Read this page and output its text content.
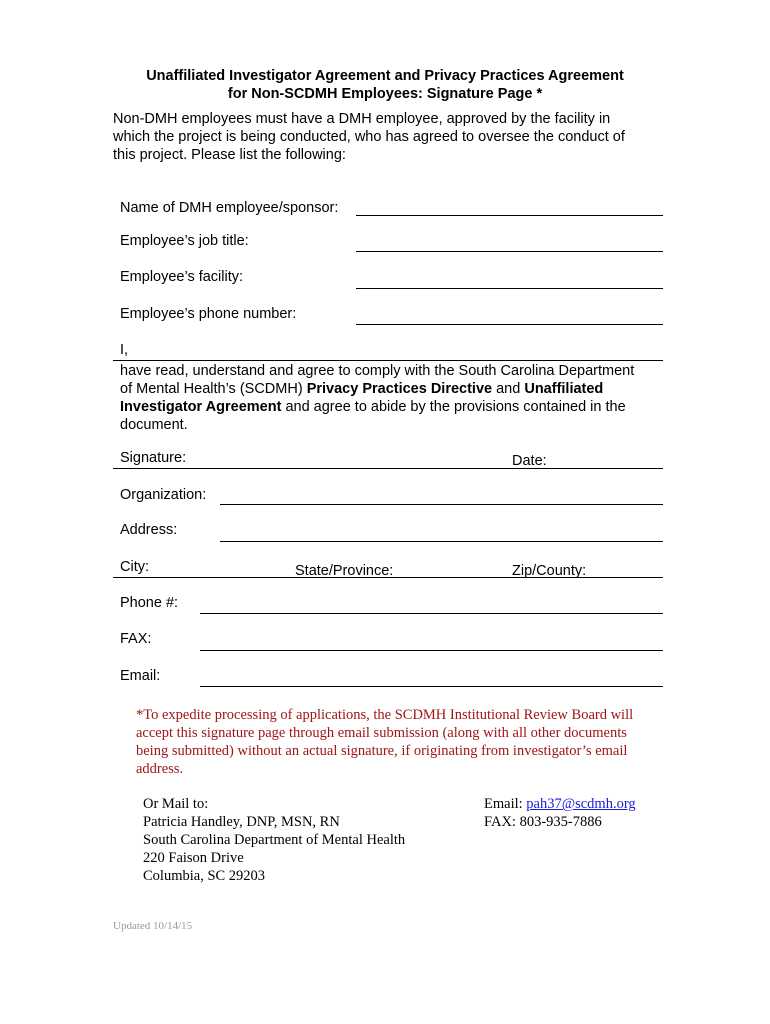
Unaffiliated Investigator Agreement and Privacy Practices Agreement
for Non-SCDMH Employees: Signature Page *
Non-DMH employees must have a DMH employee, approved by the facility in
which the project is being conducted, who has agreed to oversee the conduct of
this project. Please list the following:
Name of DMH employee/sponsor:
Employee’s job title:
Employee’s facility:
Employee’s phone number:
I,
have read, understand and agree to comply with the South Carolina Department
of Mental Health’s (SCDMH) Privacy Practices Directive and Unaffiliated
Investigator Agreement and agree to abide by the provisions contained in the
document.
Signature:	Date:
Organization:
Address:
City:	State/Province:	Zip/County:
Phone #:
FAX:
Email:
*To expedite processing of applications, the SCDMH Institutional Review Board will
accept this signature page through email submission (along with all other documents
being submitted) without an actual signature, if originating from investigator’s email
address.
Or Mail to:
Patricia Handley, DNP, MSN, RN
South Carolina Department of Mental Health
220 Faison Drive
Columbia, SC 29203
Email: pah37@scdmh.org
FAX: 803-935-7886
Updated 10/14/15
